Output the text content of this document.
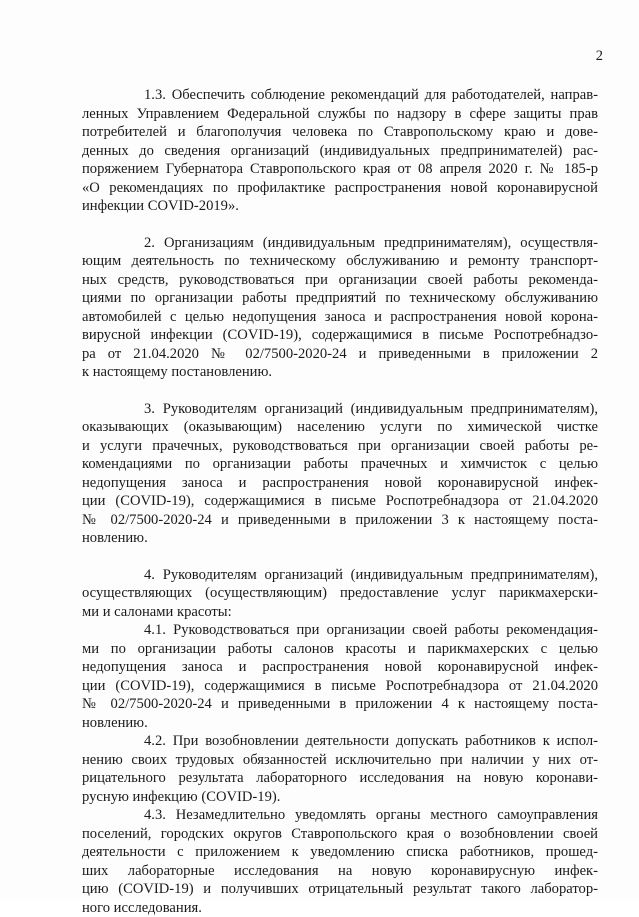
2

1.3. Обеспечить соблюдение рекомендаций для работодателей, направ-
ленных Управлением Федеральной службы по надзору в сфере защиты прав
потребителей и благополучия человека по Ставропольскому краю и дове-
денных до сведения организаций (индивидуальных предпринимателей) рас-
поряжением Губернатора Ставропольского края от 08 апреля 2020 г. № 185-р
«О рекомендациях по профилактике распространения новой коронавирусной
инфекции COVID-2019».

2. Организациям (индивидуальным предпринимателям), осуществля-
ющим деятельность по техническому обслуживанию и ремонту транспорт-
ных средств, руководствоваться при организации своей работы рекоменда-
циями по организации работы предприятий по техническому обслуживанию
автомобилей с целью недопущения заноса и распространения новой корона-
вирусной инфекции (COVID-19), содержащимися в письме Роспотребнадзо-
ра от 21.04.2020 № 02/7500-2020-24 и приведенными в приложении 2
к настоящему постановлению.

3. Руководителям организаций (индивидуальным предпринимателям),
оказывающих (оказывающим) населению услуги по химической чистке
и услуги прачечных, руководствоваться при организации своей работы ре-
комендациями по организации работы прачечных и химчисток с целью
недопущения заноса и распространения новой коронавирусной инфек-
ции (COVID-19), содержащимися в письме Роспотребнадзора от 21.04.2020
№ 02/7500-2020-24 и приведенными в приложении 3 к настоящему поста-
новлению.

4. Руководителям организаций (индивидуальным предпринимателям),
осуществляющих (осуществляющим) предоставление услуг парикмахерски-
ми и салонами красоты:

4.1. Руководствоваться при организации своей работы рекомендация-
ми по организации работы салонов красоты и парикмахерских с целью
недопущения заноса и распространения новой коронавирусной инфек-
ции (COVID-19), содержащимися в письме Роспотребнадзора от 21.04.2020
№ 02/7500-2020-24 и приведенными в приложении 4 к настоящему поста-
новлению.

4.2. При возобновлении деятельности допускать работников к испол-
нению своих трудовых обязанностей исключительно при наличии у них от-
рицательного результата лабораторного исследования на новую коронави-
русную инфекцию (COVID-19).

4.3. Незамедлительно уведомлять органы местного самоуправления
поселений, городских округов Ставропольского края о возобновлении своей
деятельности с приложением к уведомлению списка работников, прошед-
ших лабораторные исследования на новую коронавирусную инфек-
цию (COVID-19) и получивших отрицательный результат такого лаборатор-
ного исследования.
